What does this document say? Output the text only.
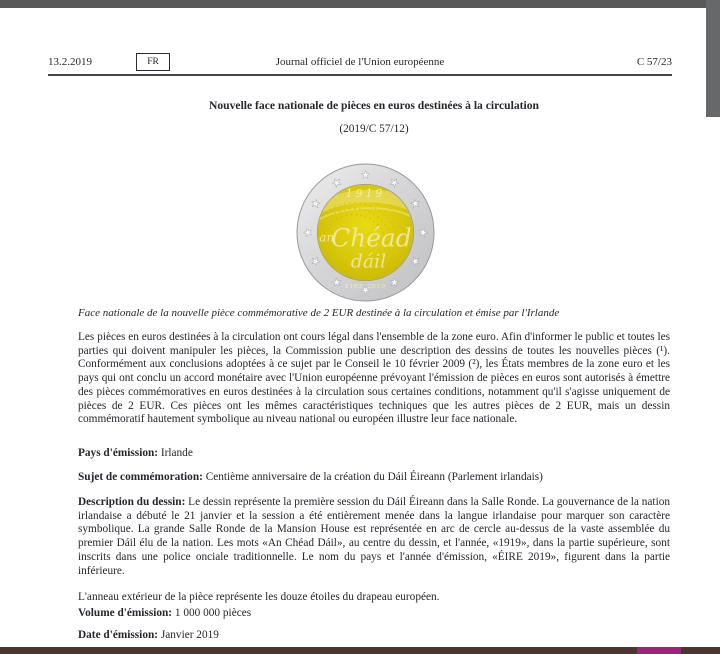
13.2.2019	Journal officiel de l'Union européenne
FR	C 57/23
Nouvelle face nationale de pièces en euros destinées à la circulation
(2019/C 57/12)
1919
an
Chéad
dáil
ÉIRE 2019
Face nationale de la nouvelle pièce commémorative de 2 EUR destinée à la circulation et émise par l'Irlande

Les pièces en euros destinées à la circulation ont cours légal dans l'ensemble de la zone euro. Afin d'informer le public et toutes les parties qui doivent manipuler les pièces, la Commission publie une description des dessins de toutes les nouvelles pièces (¹). Conformément aux conclusions adoptées à ce sujet par le Conseil le 10 février 2009 (²), les États membres de la zone euro et les pays qui ont conclu un accord monétaire avec l'Union européenne prévoyant l'émission de pièces en euros sont autorisés à émettre des pièces commémoratives en euros destinées à la circulation sous certaines conditions, notamment qu'il s'agisse uniquement de pièces de 2 EUR. Ces pièces ont les mêmes caractéristiques techniques que les autres pièces de 2 EUR, mais un dessin commémoratif hautement symbolique au niveau national ou européen illustre leur face nationale.

Pays d'émission: Irlande

Sujet de commémoration: Centième anniversaire de la création du Dáil Éireann (Parlement irlandais)

Description du dessin: Le dessin représente la première session du Dáil Éireann dans la Salle Ronde. La gouvernance de la nation irlandaise a débuté le 21 janvier et la session a été entièrement menée dans la langue irlandaise pour marquer son caractère symbolique. La grande Salle Ronde de la Mansion House est représentée en arc de cercle au-dessus de la vaste assemblée du premier Dáil élu de la nation. Les mots «An Chéad Dáil», au centre du dessin, et l'année, «1919», dans la partie supérieure, sont inscrits dans une police onciale traditionnelle. Le nom du pays et l'année d'émission, «ÉIRE 2019», figurent dans la partie inférieure.

L'anneau extérieur de la pièce représente les douze étoiles du drapeau européen.

Volume d'émission: 1 000 000 pièces

Date d'émission: Janvier 2019
